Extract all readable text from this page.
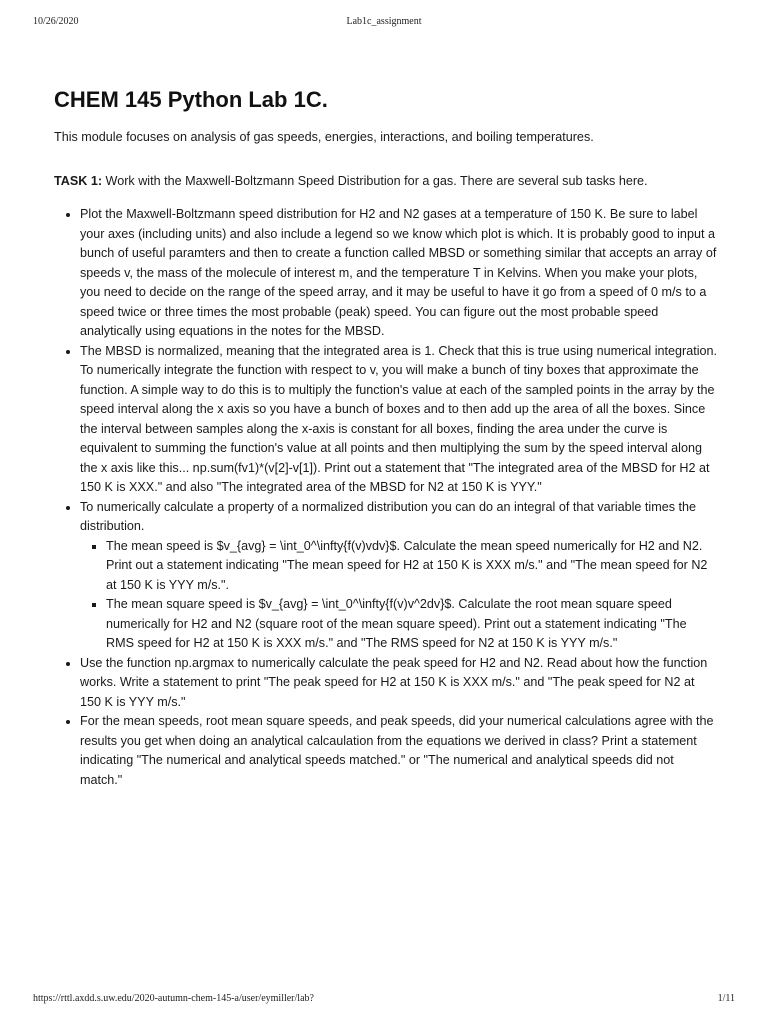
10/26/2020	Lab1c_assignment
CHEM 145 Python Lab 1C.

This module focuses on analysis of gas speeds, energies, interactions, and boiling temperatures.

TASK 1: Work with the Maxwell-Boltzmann Speed Distribution for a gas. There are several sub tasks here.

• Plot the Maxwell-Boltzmann speed distribution for H2 and N2 gases at a temperature of 150 K. Be sure to label your axes (including units) and also include a legend so we know which plot is which. It is probably good to input a bunch of useful paramters and then to create a function called MBSD or something similar that accepts an array of speeds v, the mass of the molecule of interest m, and the temperature T in Kelvins. When you make your plots, you need to decide on the range of the speed array, and it may be useful to have it go from a speed of 0 m/s to a speed twice or three times the most probable (peak) speed. You can figure out the most probable speed analytically using equations in the notes for the MBSD.
• The MBSD is normalized, meaning that the integrated area is 1. Check that this is true using numerical integration. To numerically integrate the function with respect to v, you will make a bunch of tiny boxes that approximate the function. A simple way to do this is to multiply the function's value at each of the sampled points in the array by the speed interval along the x axis so you have a bunch of boxes and to then add up the area of all the boxes. Since the interval between samples along the x-axis is constant for all boxes, finding the area under the curve is equivalent to summing the function's value at all points and then multiplying the sum by the speed interval along the x axis like this... np.sum(fv1)*(v[2]-v[1]). Print out a statement that "The integrated area of the MBSD for H2 at 150 K is XXX." and also "The integrated area of the MBSD for N2 at 150 K is YYY."
• To numerically calculate a property of a normalized distribution you can do an integral of that variable times the distribution.
▪ The mean speed is $v_{avg} = \int_0^\infty{f(v)vdv}$. Calculate the mean speed numerically for H2 and N2. Print out a statement indicating "The mean speed for H2 at 150 K is XXX m/s." and "The mean speed for N2 at 150 K is YYY m/s.".
▪ The mean square speed is $v_{avg} = \int_0^\infty{f(v)v^2dv}$. Calculate the root mean square speed numerically for H2 and N2 (square root of the mean square speed). Print out a statement indicating "The RMS speed for H2 at 150 K is XXX m/s." and "The RMS speed for N2 at 150 K is YYY m/s."
• Use the function np.argmax to numerically calculate the peak speed for H2 and N2. Read about how the function works. Write a statement to print "The peak speed for H2 at 150 K is XXX m/s." and "The peak speed for N2 at 150 K is YYY m/s."
• For the mean speeds, root mean square speeds, and peak speeds, did your numerical calculations agree with the results you get when doing an analytical calcaulation from the equations we derived in class? Print a statement indicating "The numerical and analytical speeds matched." or "The numerical and analytical speeds did not match."
https://rttl.axdd.s.uw.edu/2020-autumn-chem-145-a/user/eymiller/lab?	1/11
